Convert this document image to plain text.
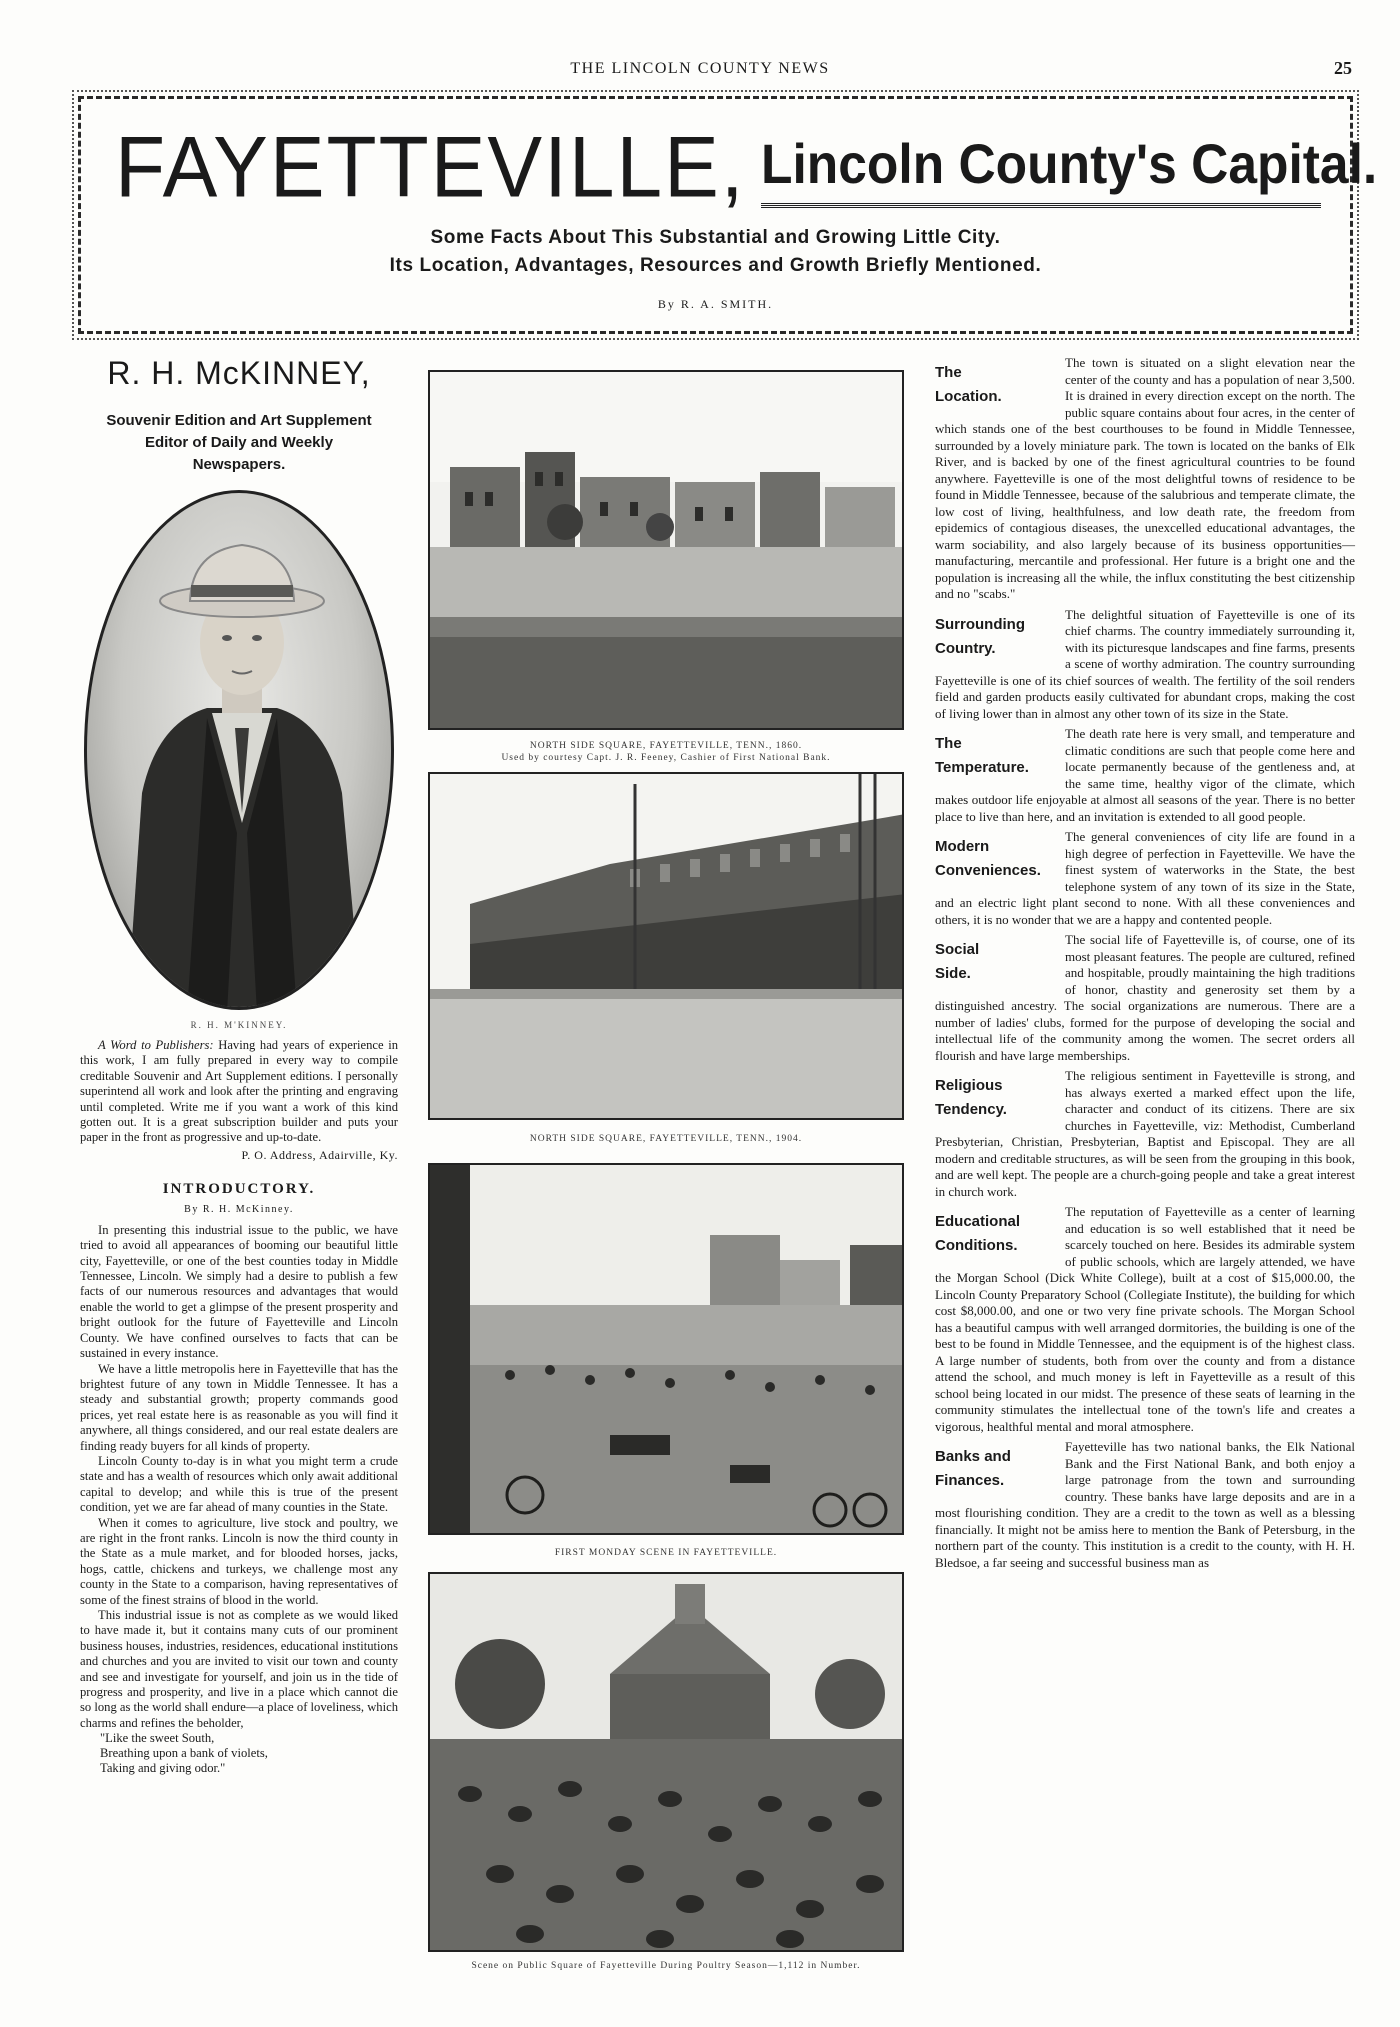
THE LINCOLN COUNTY NEWS	25
FAYETTEVILLE, Lincoln County's Capital.
Some Facts About This Substantial and Growing Little City.
Its Location, Advantages, Resources and Growth Briefly Mentioned.
By R. A. SMITH.
R. H. McKINNEY,
Souvenir Edition and Art Supplement
Editor of Daily and Weekly
Newspapers.
R. H. M'KINNEY.

A Word to Publishers: Having had years of experience in this work, I am fully prepared in every way to compile creditable Souvenir and Art Supplement editions. I personally superintend all work and look after the printing and engraving until completed. Write me if you want a work of this kind gotten out. It is a great subscription builder and puts your paper in the front as progressive and up-to-date.

P. O. Address, Adairville, Ky.
INTRODUCTORY.
By R. H. McKinney.

In presenting this industrial issue to the public, we have tried to avoid all appearances of booming our beautiful little city, Fayetteville, or one of the best counties today in Middle Tennessee, Lincoln. We simply had a desire to publish a few facts of our numerous resources and advantages that would enable the world to get a glimpse of the present prosperity and bright outlook for the future of Fayetteville and Lincoln County. We have confined ourselves to facts that can be sustained in every instance.

We have a little metropolis here in Fayetteville that has the brightest future of any town in Middle Tennessee. It has a steady and substantial growth; property commands good prices, yet real estate here is as reasonable as you will find it anywhere, all things considered, and our real estate dealers are finding ready buyers for all kinds of property.

Lincoln County to-day is in what you might term a crude state and has a wealth of resources which only await additional capital to develop; and while this is true of the present condition, yet we are far ahead of many counties in the State.

When it comes to agriculture, live stock and poultry, we are right in the front ranks. Lincoln is now the third county in the State as a mule market, and for blooded horses, jacks, hogs, cattle, chickens and turkeys, we challenge most any county in the State to a comparison, having representatives of some of the finest strains of blood in the world.

This industrial issue is not as complete as we would liked to have made it, but it contains many cuts of our prominent business houses, industries, residences, educational institutions and churches and you are invited to visit our town and county and see and investigate for yourself, and join us in the tide of progress and prosperity, and live in a place which cannot die so long as the world shall endure—a place of loveliness, which charms and refines the beholder,

"Like the sweet South,
Breathing upon a bank of violets,
Taking and giving odor."
NORTH SIDE SQUARE, FAYETTEVILLE, TENN., 1860.
Used by courtesy Capt. J. R. Feeney, Cashier of First National Bank.
NORTH SIDE SQUARE, FAYETTEVILLE, TENN., 1904.
FIRST MONDAY SCENE IN FAYETTEVILLE.
Scene on Public Square of Fayetteville During Poultry Season—1,112 in Number.
The
Location.
The town is situated on a slight elevation near the center of the county and has a population of near 3,500. It is drained in every direction except on the north. The public square contains about four acres, in the center of which stands one of the best courthouses to be found in Middle Tennessee, surrounded by a lovely miniature park. The town is located on the banks of Elk River, and is backed by one of the finest agricultural countries to be found anywhere. Fayetteville is one of the most delightful towns of residence to be found in Middle Tennessee, because of the salubrious and temperate climate, the low cost of living, healthfulness, and low death rate, the freedom from epidemics of contagious diseases, the unexcelled educational advantages, the warm sociability, and also largely because of its business opportunities—manufacturing, mercantile and professional. Her future is a bright one and the population is increasing all the while, the influx constituting the best citizenship and no "scabs."
Surrounding
Country.
The delightful situation of Fayetteville is one of its chief charms. The country immediately surrounding it, with its picturesque landscapes and fine farms, presents a scene of worthy admiration. The country surrounding Fayetteville is one of its chief sources of wealth. The fertility of the soil renders field and garden products easily cultivated for abundant crops, making the cost of living lower than in almost any other town of its size in the State.
The
Temperature.
The death rate here is very small, and temperature and climatic conditions are such that people come here and locate permanently because of the gentleness and, at the same time, healthy vigor of the climate, which makes outdoor life enjoyable at almost all seasons of the year. There is no better place to live than here, and an invitation is extended to all good people.
Modern
Conveniences.
The general conveniences of city life are found in a high degree of perfection in Fayetteville. We have the finest system of waterworks in the State, the best telephone system of any town of its size in the State, and an electric light plant second to none. With all these conveniences and others, it is no wonder that we are a happy and contented people.
Social
Side.
The social life of Fayetteville is, of course, one of its most pleasant features. The people are cultured, refined and hospitable, proudly maintaining the high traditions of honor, chastity and generosity set them by a distinguished ancestry. The social organizations are numerous. There are a number of ladies' clubs, formed for the purpose of developing the social and intellectual life of the community among the women. The secret orders all flourish and have large memberships.
Religious
Tendency.
The religious sentiment in Fayetteville is strong, and has always exerted a marked effect upon the life, character and conduct of its citizens. There are six churches in Fayetteville, viz: Methodist, Cumberland Presbyterian, Christian, Presbyterian, Baptist and Episcopal. They are all modern and creditable structures, as will be seen from the grouping in this book, and are well kept. The people are a church-going people and take a great interest in church work.
Educational
Conditions.
The reputation of Fayetteville as a center of learning and education is so well established that it need be scarcely touched on here. Besides its admirable system of public schools, which are largely attended, we have the Morgan School (Dick White College), built at a cost of $15,000.00, the Lincoln County Preparatory School (Collegiate Institute), the building for which cost $8,000.00, and one or two very fine private schools. The Morgan School has a beautiful campus with well arranged dormitories, the building is one of the best to be found in Middle Tennessee, and the equipment is of the highest class. A large number of students, both from over the county and from a distance attend the school, and much money is left in Fayetteville as a result of this school being located in our midst. The presence of these seats of learning in the community stimulates the intellectual tone of the town's life and creates a vigorous, healthful mental and moral atmosphere.
Banks and
Finances.
Fayetteville has two national banks, the Elk National Bank and the First National Bank, and both enjoy a large patronage from the town and surrounding country. These banks have large deposits and are in a most flourishing condition. They are a credit to the town as well as a blessing financially. It might not be amiss here to mention the Bank of Petersburg, in the northern part of the county. This institution is a credit to the county, with H. H. Bledsoe, a far seeing and successful business man as
